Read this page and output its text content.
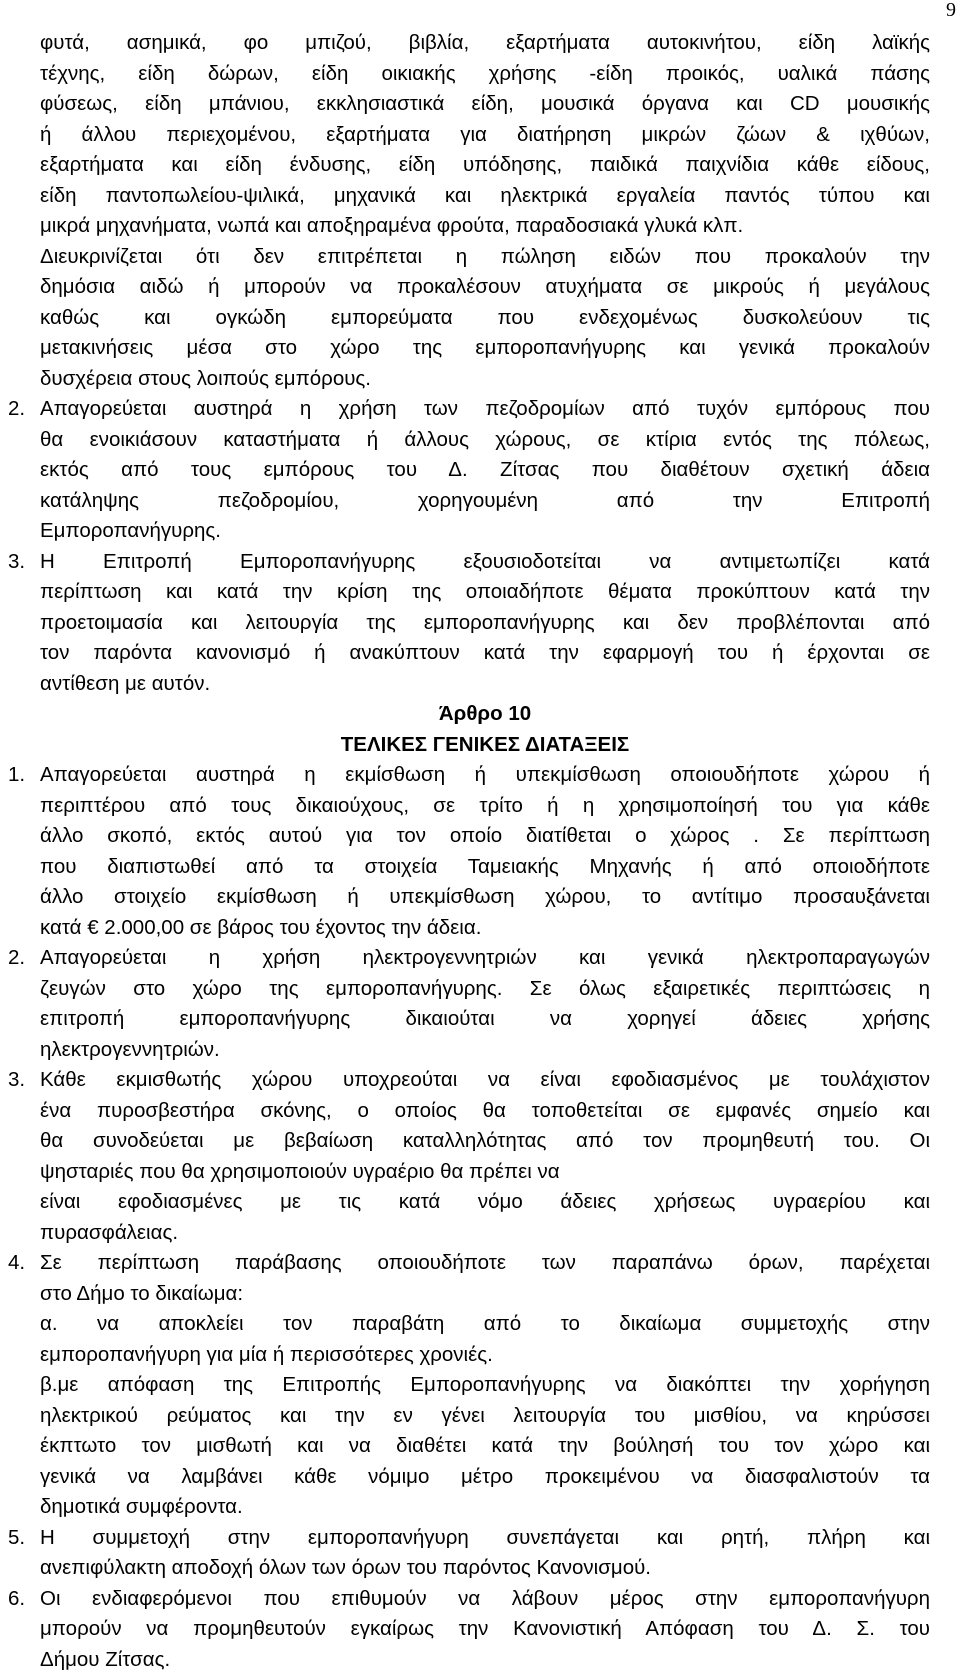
9
φυτά, ασημικά, φο μπιζού, βιβλία, εξαρτήματα αυτοκινήτου, είδη λαϊκής
τέχνης, είδη δώρων, είδη οικιακής χρήσης -είδη προικός, υαλικά πάσης
φύσεως, είδη μπάνιου, εκκλησιαστικά είδη, μουσικά όργανα και CD μουσικής
ή άλλου περιεχομένου, εξαρτήματα για διατήρηση μικρών ζώων & ιχθύων,
εξαρτήματα και είδη ένδυσης, είδη υπόδησης, παιδικά παιχνίδια κάθε είδους,
είδη παντοπωλείου-ψιλικά, μηχανικά και ηλεκτρικά εργαλεία παντός τύπου και
μικρά μηχανήματα, νωπά και αποξηραμένα φρούτα, παραδοσιακά γλυκά κλπ.
Διευκρινίζεται ότι δεν επιτρέπεται η πώληση ειδών που προκαλούν την
δημόσια αιδώ ή μπορούν να προκαλέσουν ατυχήματα σε μικρούς ή μεγάλους
καθώς και ογκώδη εμπορεύματα που ενδεχομένως δυσκολεύουν τις
μετακινήσεις μέσα στο χώρο της εμποροπανήγυρης και γενικά προκαλούν
δυσχέρεια στους λοιπούς εμπόρους.
2. Απαγορεύεται αυστηρά η χρήση των πεζοδρομίων από τυχόν εμπόρους που
θα ενοικιάσουν καταστήματα ή άλλους χώρους, σε κτίρια εντός της πόλεως,
εκτός από τους εμπόρους του Δ. Ζίτσας που διαθέτουν σχετική άδεια
κατάληψης πεζοδρομίου, χορηγουμένη από την Επιτροπή
Εμποροπανήγυρης.
3. Η Επιτροπή Εμποροπανήγυρης εξουσιοδοτείται να αντιμετωπίζει κατά
περίπτωση και κατά την κρίση της οποιαδήποτε θέματα προκύπτουν κατά την
προετοιμασία και λειτουργία της εμποροπανήγυρης και δεν προβλέπονται από
τον παρόντα κανονισμό ή ανακύπτουν κατά την εφαρμογή του ή έρχονται σε
αντίθεση με αυτόν.
Άρθρο 10
ΤΕΛΙΚΕΣ ΓΕΝΙΚΕΣ ΔΙΑΤΑΞΕΙΣ
1. Απαγορεύεται αυστηρά η εκμίσθωση ή υπεκμίσθωση οποιουδήποτε χώρου ή
περιπτέρου από τους δικαιούχους, σε τρίτο ή η χρησιμοποίησή του για κάθε
άλλο σκοπό, εκτός αυτού για τον οποίο διατίθεται ο χώρος . Σε περίπτωση
που διαπιστωθεί από τα στοιχεία Ταμειακής Μηχανής ή από οποιοδήποτε
άλλο στοιχείο εκμίσθωση ή υπεκμίσθωση χώρου, το αντίτιμο προσαυξάνεται
κατά € 2.000,00 σε βάρος του έχοντος την άδεια.
2. Απαγορεύεται η χρήση ηλεκτρογεννητριών και γενικά ηλεκτροπαραγωγών
ζευγών στο χώρο της εμποροπανήγυρης. Σε όλως εξαιρετικές περιπτώσεις η
επιτροπή εμποροπανήγυρης δικαιούται να χορηγεί άδειες χρήσης
ηλεκτρογεννητριών.
3. Κάθε εκμισθωτής χώρου υποχρεούται να είναι εφοδιασμένος με τουλάχιστον
ένα πυροσβεστήρα σκόνης, ο οποίος θα τοποθετείται σε εμφανές σημείο και
θα συνοδεύεται με βεβαίωση καταλληλότητας από τον προμηθευτή του. Οι
ψησταριές που θα χρησιμοποιούν υγραέριο θα πρέπει να
είναι εφοδιασμένες με τις κατά νόμο άδειες χρήσεως υγραερίου και
πυρασφάλειας.
4. Σε περίπτωση παράβασης οποιουδήποτε των παραπάνω όρων, παρέχεται
στο Δήμο το δικαίωμα:
α. να αποκλείει τον παραβάτη από το δικαίωμα συμμετοχής στην
εμποροπανήγυρη για μία ή περισσότερες χρονιές.
β.με απόφαση της Επιτροπής Εμποροπανήγυρης να διακόπτει την χορήγηση
ηλεκτρικού ρεύματος και την εν γένει λειτουργία του μισθίου, να κηρύσσει
έκπτωτο τον μισθωτή και να διαθέτει κατά την βούλησή του τον χώρο και
γενικά να λαμβάνει κάθε νόμιμο μέτρο προκειμένου να διασφαλιστούν τα
δημοτικά συμφέροντα.
5. Η συμμετοχή στην εμποροπανήγυρη συνεπάγεται και ρητή, πλήρη και
ανεπιφύλακτη αποδοχή όλων των όρων του παρόντος Κανονισμού.
6. Οι ενδιαφερόμενοι που επιθυμούν να λάβουν μέρος στην εμποροπανήγυρη
μπορούν να προμηθευτούν εγκαίρως την Κανονιστική Απόφαση του Δ. Σ. του
Δήμου Ζίτσας.
